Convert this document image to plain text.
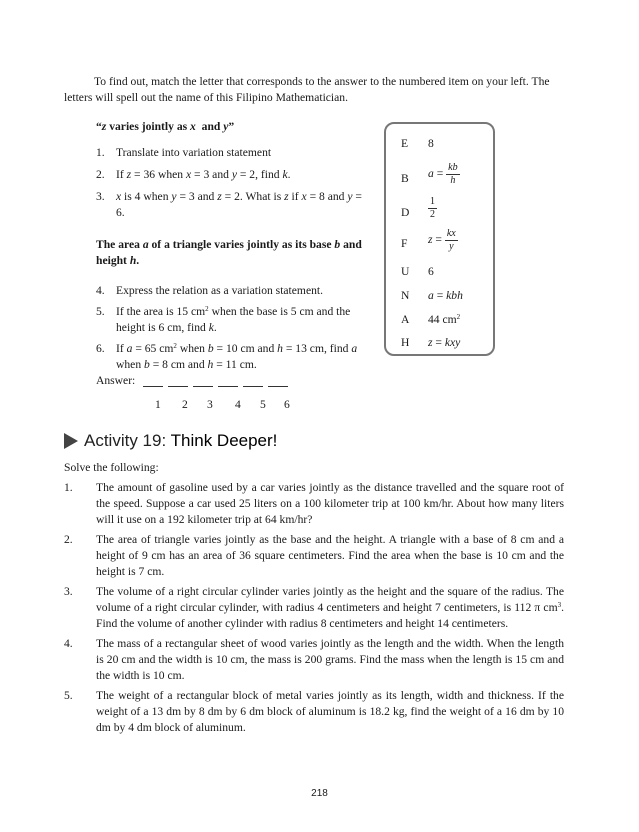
To find out, match the letter that corresponds to the answer to the numbered item on your left. The letters will spell out the name of this Filipino Mathematician.
“z varies jointly as x  and y”
1. Translate into variation statement
2. If z = 36 when x = 3 and y = 2, find k.
3. x is 4 when y = 3 and z = 2. What is z if x = 8 and y = 6.
The area a of a triangle varies jointly as its base b and height h.
4. Express the relation as a variation statement.
5. If the area is 15 $cm^2$ when the base is 5 cm and the height is 6 cm, find k.
6. If a = 65 $cm^2$ when b = 10 cm and h = 13 cm, find a when b = 8 cm and h = 11 cm.
Answer:
1 2 3 4 5 6
E 8
B $a = \frac{kb}{h}$
D $\frac{1}{2}$
F $z = \frac{kx}{y}$
U 6
N a = kbh
A 44 $cm^2$
H z = kxy
Activity 19: Think Deeper!
Solve the following:
1. The amount of gasoline used by a car varies jointly as the distance travelled and the square root of the speed. Suppose a car used 25 liters on a 100 kilometer trip at 100 km/hr. About how many liters will it use on a 192 kilometer trip at 64 km/hr?
2. The area of triangle varies jointly as the base and the height. A triangle with a base of 8 cm and a height of 9 cm has an area of 36 square centimeters. Find the area when the base is 10 cm and the height is 7 cm.
3. The volume of a right circular cylinder varies jointly as the height and the square of the radius. The volume of a right circular cylinder, with radius 4 centimeters and height 7 centimeters, is 112 π $cm^3$. Find the volume of another cylinder with radius 8 centimeters and height 14 centimeters.
4. The mass of a rectangular sheet of wood varies jointly as the length and the width. When the length is 20 cm and the width is 10 cm, the mass is 200 grams. Find the mass when the length is 15 cm and the width is 10 cm.
5. The weight of a rectangular block of metal varies jointly as its length, width and thickness. If the weight of a 13 dm by 8 dm by 6 dm block of aluminum is 18.2 kg, find the weight of a 16 dm by 10 dm by 4 dm block of aluminum.
218
